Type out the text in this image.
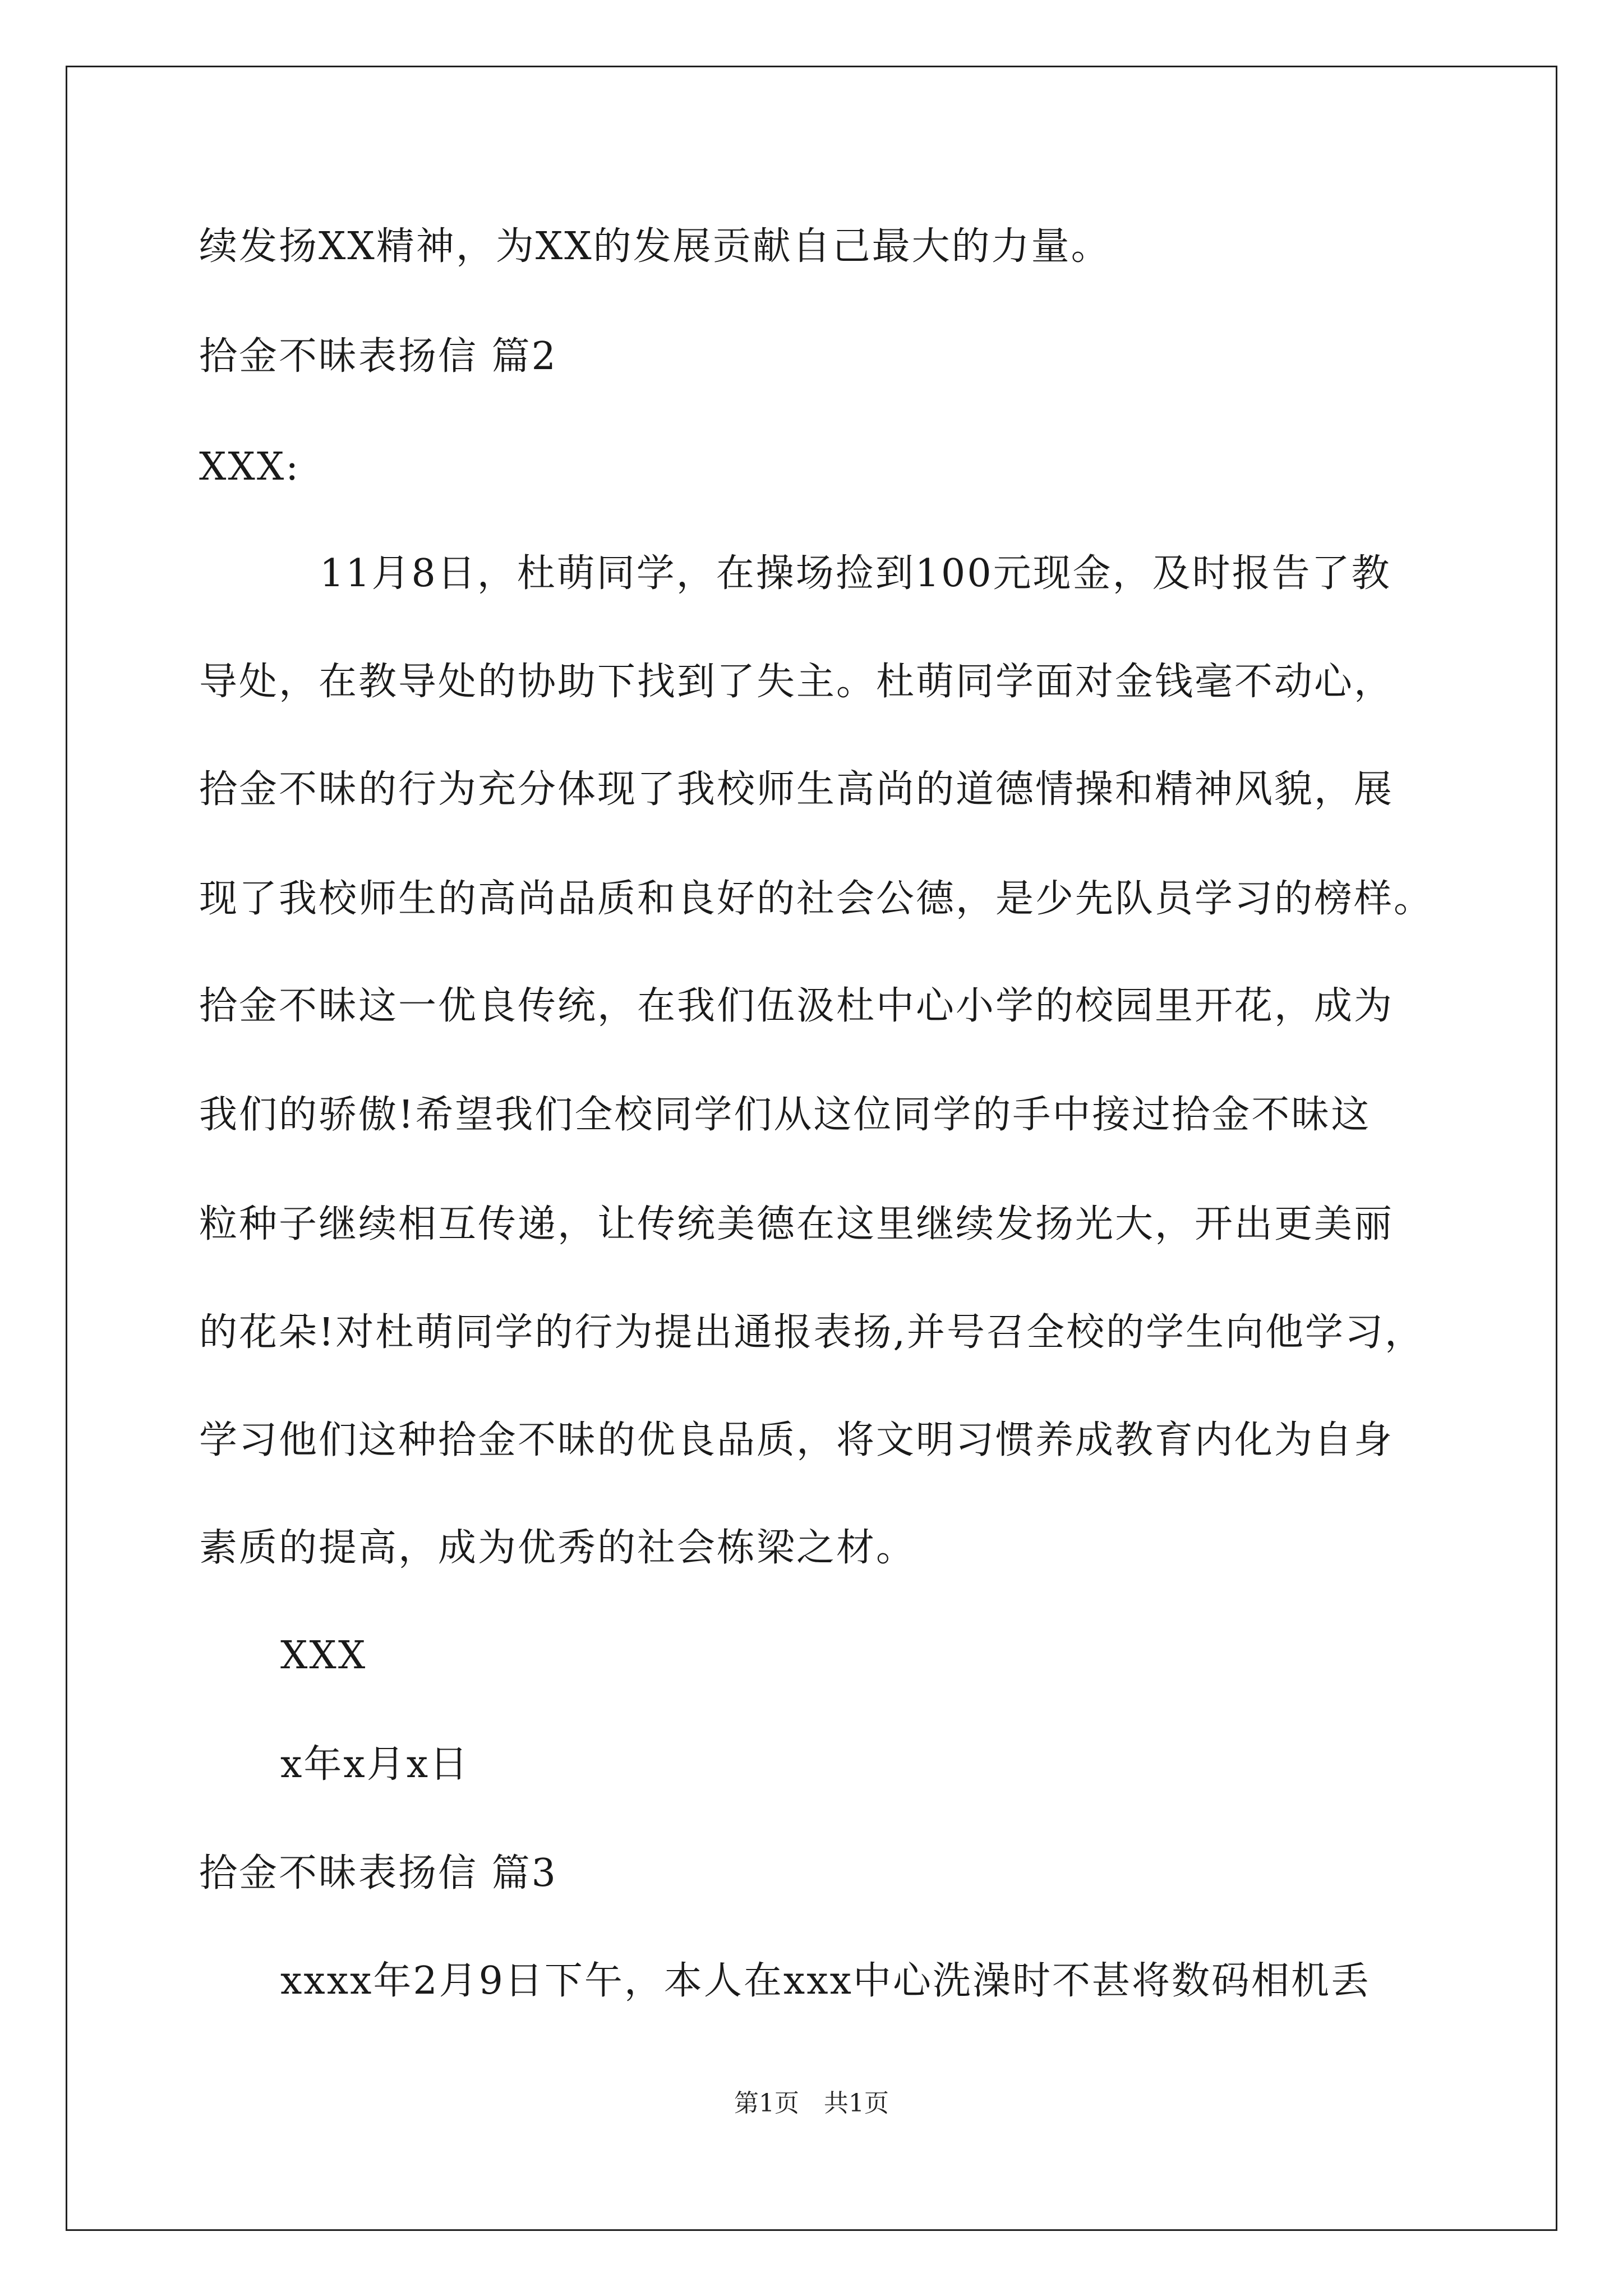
续发扬XX精神，为XX的发展贡献自己最大的力量。
拾金不昧表扬信 篇2
XXX:
11月8日，杜萌同学，在操场捡到100元现金，及时报告了教
导处，在教导处的协助下找到了失主。杜萌同学面对金钱毫不动心，
拾金不昧的行为充分体现了我校师生高尚的道德情操和精神风貌，展
现了我校师生的高尚品质和良好的社会公德，是少先队员学习的榜样。
拾金不昧这一优良传统，在我们伍汲杜中心小学的校园里开花，成为
我们的骄傲!希望我们全校同学们从这位同学的手中接过拾金不昧这
粒种子继续相互传递，让传统美德在这里继续发扬光大，开出更美丽
的花朵!对杜萌同学的行为提出通报表扬,并号召全校的学生向他学习，
学习他们这种拾金不昧的优良品质，将文明习惯养成教育内化为自身
素质的提高，成为优秀的社会栋梁之材。
XXX
x年x月x日
拾金不昧表扬信 篇3
xxxx年2月9日下午，本人在xxx中心洗澡时不甚将数码相机丢
第1页　共1页
